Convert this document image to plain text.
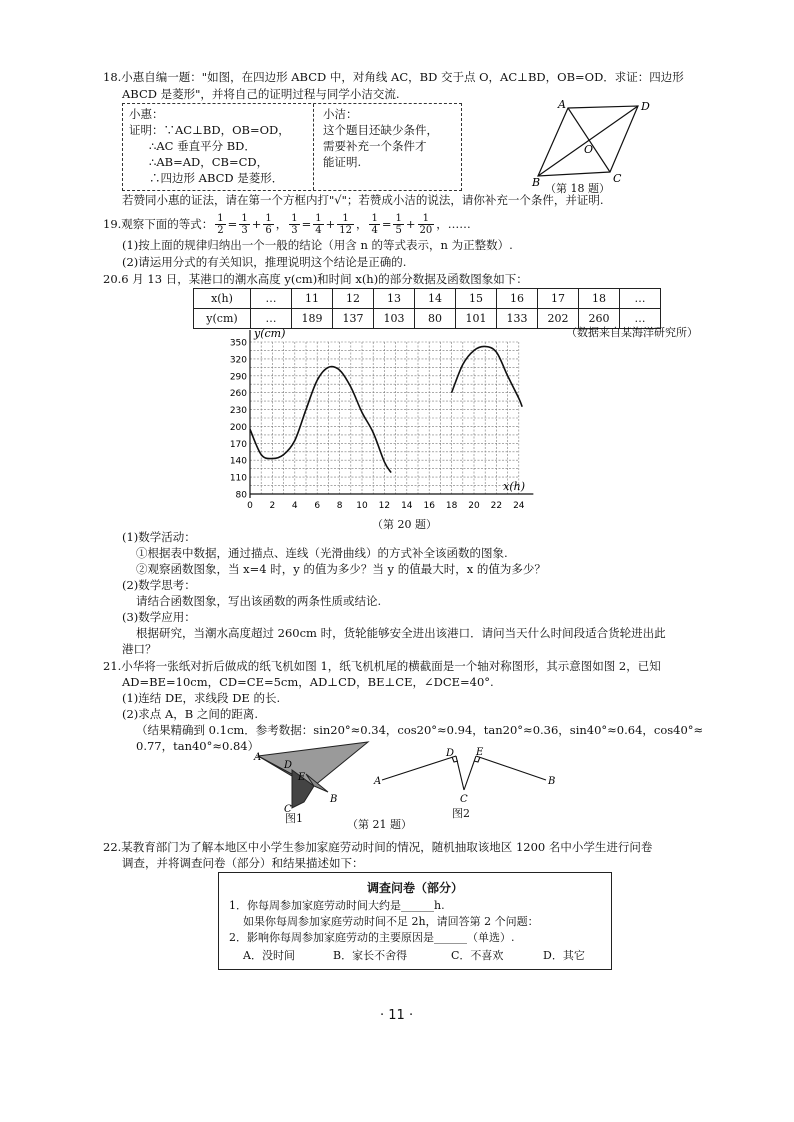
18.小惠自编一题："如图，在四边形 ABCD 中，对角线 AC，BD 交于点 O，AC⊥BD，OB=OD．求证：四边形
ABCD 是菱形"，并将自己的证明过程与同学小洁交流.
小惠：
证明：∵AC⊥BD，OB=OD，
∴AC 垂直平分 BD．
∴AB=AD，CB=CD，
∴四边形 ABCD 是菱形．
小洁：
这个题目还缺少条件，
需要补充一个条件才
能证明.
A	D
C
B
O
（第 18 题）
若赞同小惠的证法，请在第一个方框内打"√"；若赞成小洁的说法，请你补充一个条件，并证明.
19.观察下面的等式： $\frac{1}{2} = \frac{1}{3} + \frac{1}{6}$ ， $\frac{1}{3} = \frac{1}{4} + \frac{1}{12}$ ， $\frac{1}{4} = \frac{1}{5} + \frac{1}{20}$ ， ……
(1)按上面的规律归纳出一个一般的结论（用含 n 的等式表示，n 为正整数）.
(2)请运用分式的有关知识，推理说明这个结论是正确的.
20.6 月 13 日，某港口的潮水高度 y(cm)和时间 x(h)的部分数据及函数图象如下：
x(h)	…	11	12	13	14	15	16	17	18	…
y(cm)	…	189	137	103	80	101	133	202	260	…
（数据来自某海洋研究所）
350
320
290
260
230
200
170
140
110
80
0 2 4 6 8 10 12 14 16 18 20 22 24
y(cm)
x(h)
（第 20 题）
(1)数学活动：
①根据表中数据，通过描点、连线（光滑曲线）的方式补全该函数的图象.
②观察函数图象，当 x=4 时，y 的值为多少？当 y 的值最大时，x 的值为多少？
(2)数学思考：
请结合函数图象，写出该函数的两条性质或结论.
(3)数学应用：
根据研究，当潮水高度超过 260cm 时，货轮能够安全进出该港口．请问当天什么时间段适合货轮进出此
港口？
21.小华将一张纸对折后做成的纸飞机如图 1，纸飞机机尾的横截面是一个轴对称图形，其示意图如图 2，已知
AD=BE=10cm，CD=CE=5cm，AD⊥CD，BE⊥CE，∠DCE=40°.
(1)连结 DE，求线段 DE 的长.
(2)求点 A，B 之间的距离.
（结果精确到 0.1cm．参考数据：sin20°≈0.34，cos20°≈0.94，tan20°≈0.36，sin40°≈0.64，cos40°≈
0.77，tan40°≈0.84）
A
D
E
C
B
图1
A
D E
C
B
图2
（第 21 题）
22.某教育部门为了解本地区中小学生参加家庭劳动时间的情况，随机抽取该地区 1200 名中小学生进行问卷
调查，并将调查问卷（部分）和结果描述如下：
调查问卷（部分）
1．你每周参加家庭劳动时间大约是______h.
如果你每周参加家庭劳动时间不足 2h，请回答第 2 个问题：
2．影响你每周参加家庭劳动的主要原因是______（单选）.
A．没时间	B．家长不舍得	C．不喜欢	D．其它
· 11 ·
